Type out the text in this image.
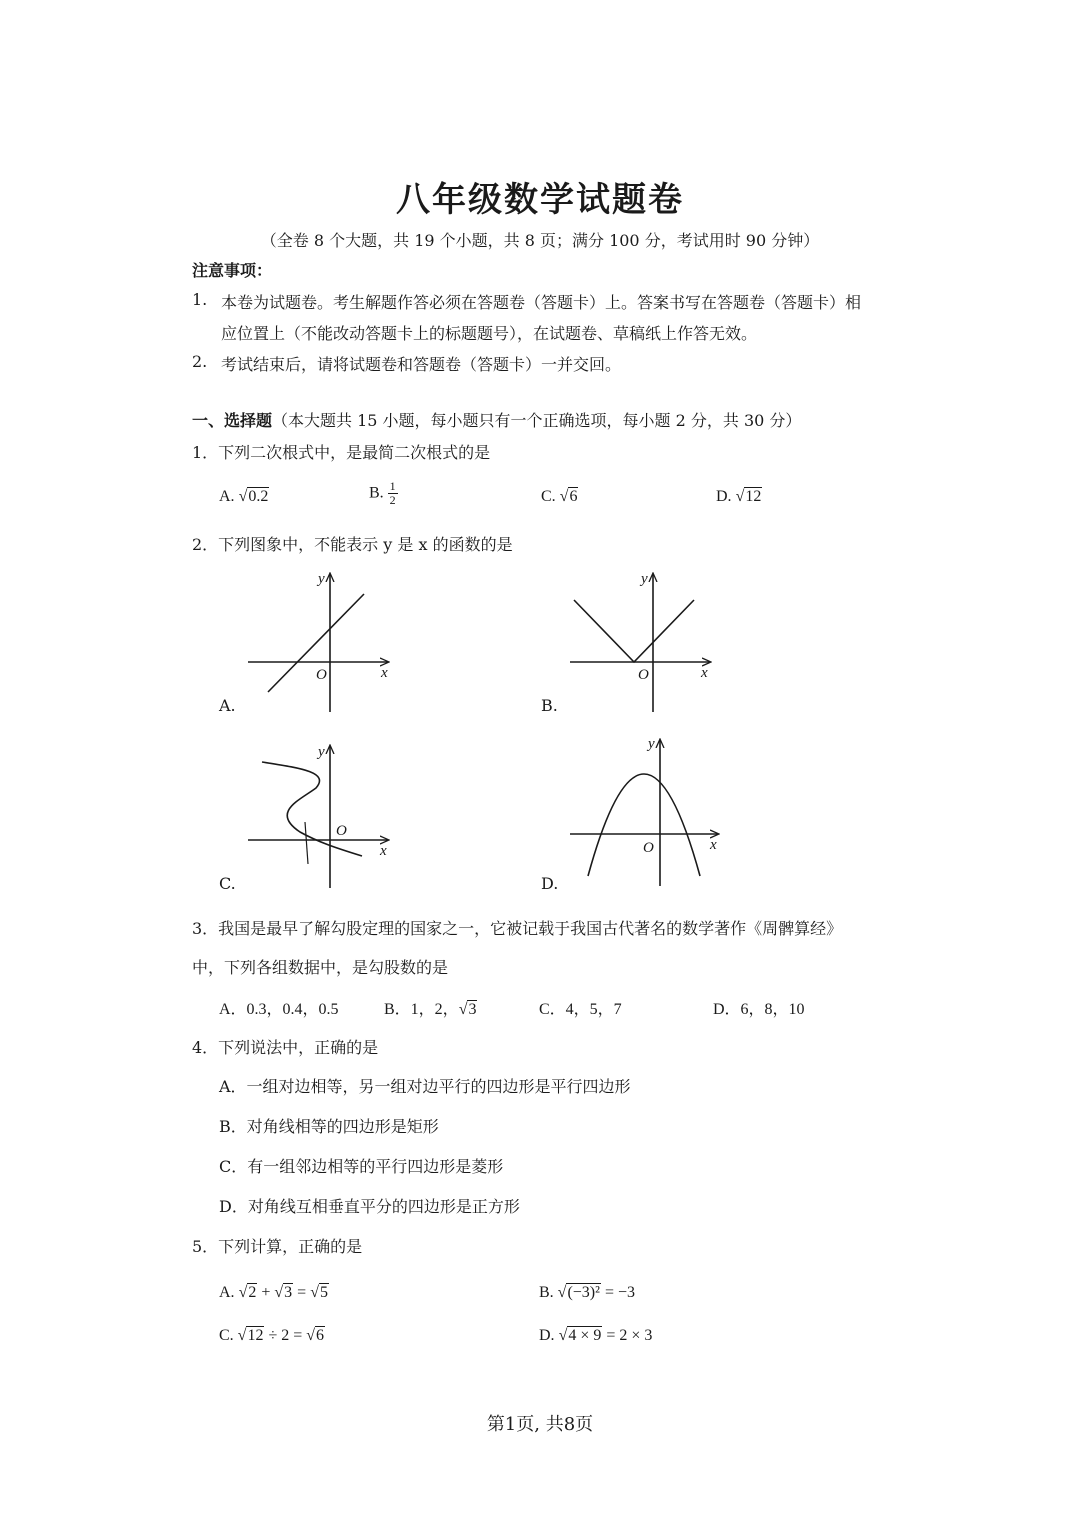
八年级数学试题卷
（全卷 8 个大题，共 19 个小题，共 8 页；满分 100 分，考试用时 90 分钟）
注意事项：
1. 本卷为试题卷。考生解题作答必须在答题卷（答题卡）上。答案书写在答题卷（答题卡）相
应位置上（不能改动答题卡上的标题题号），在试题卷、草稿纸上作答无效。
2. 考试结束后，请将试题卷和答题卷（答题卡）一并交回。
一、选择题（本大题共 15 小题，每小题只有一个正确选项，每小题 2 分，共 30 分）
1．下列二次根式中，是最简二次根式的是
A. √0.2	B. $\frac{1}{2}$	C. √6	D. √12
2．下列图象中，不能表示 y 是 x 的函数的是
x
y
O	x
y
O
x
y
O
x
y
O
A.	B.
C.	D.
3．我国是最早了解勾股定理的国家之一，它被记载于我国古代著名的数学著作《周髀算经》
中，下列各组数据中，是勾股数的是
A．0.3，0.4，0.5	B．1，2，√3	C．4，5，7	D．6，8，10
4．下列说法中，正确的是
A．一组对边相等，另一组对边平行的四边形是平行四边形
B．对角线相等的四边形是矩形
C．有一组邻边相等的平行四边形是菱形
D．对角线互相垂直平分的四边形是正方形
5．下列计算，正确的是
A. √2 + √3 = √5	B. √(−3)² = −3
C. √12 ÷ 2 = √6	D. √4 × 9 = 2 × 3
第1页, 共8页
